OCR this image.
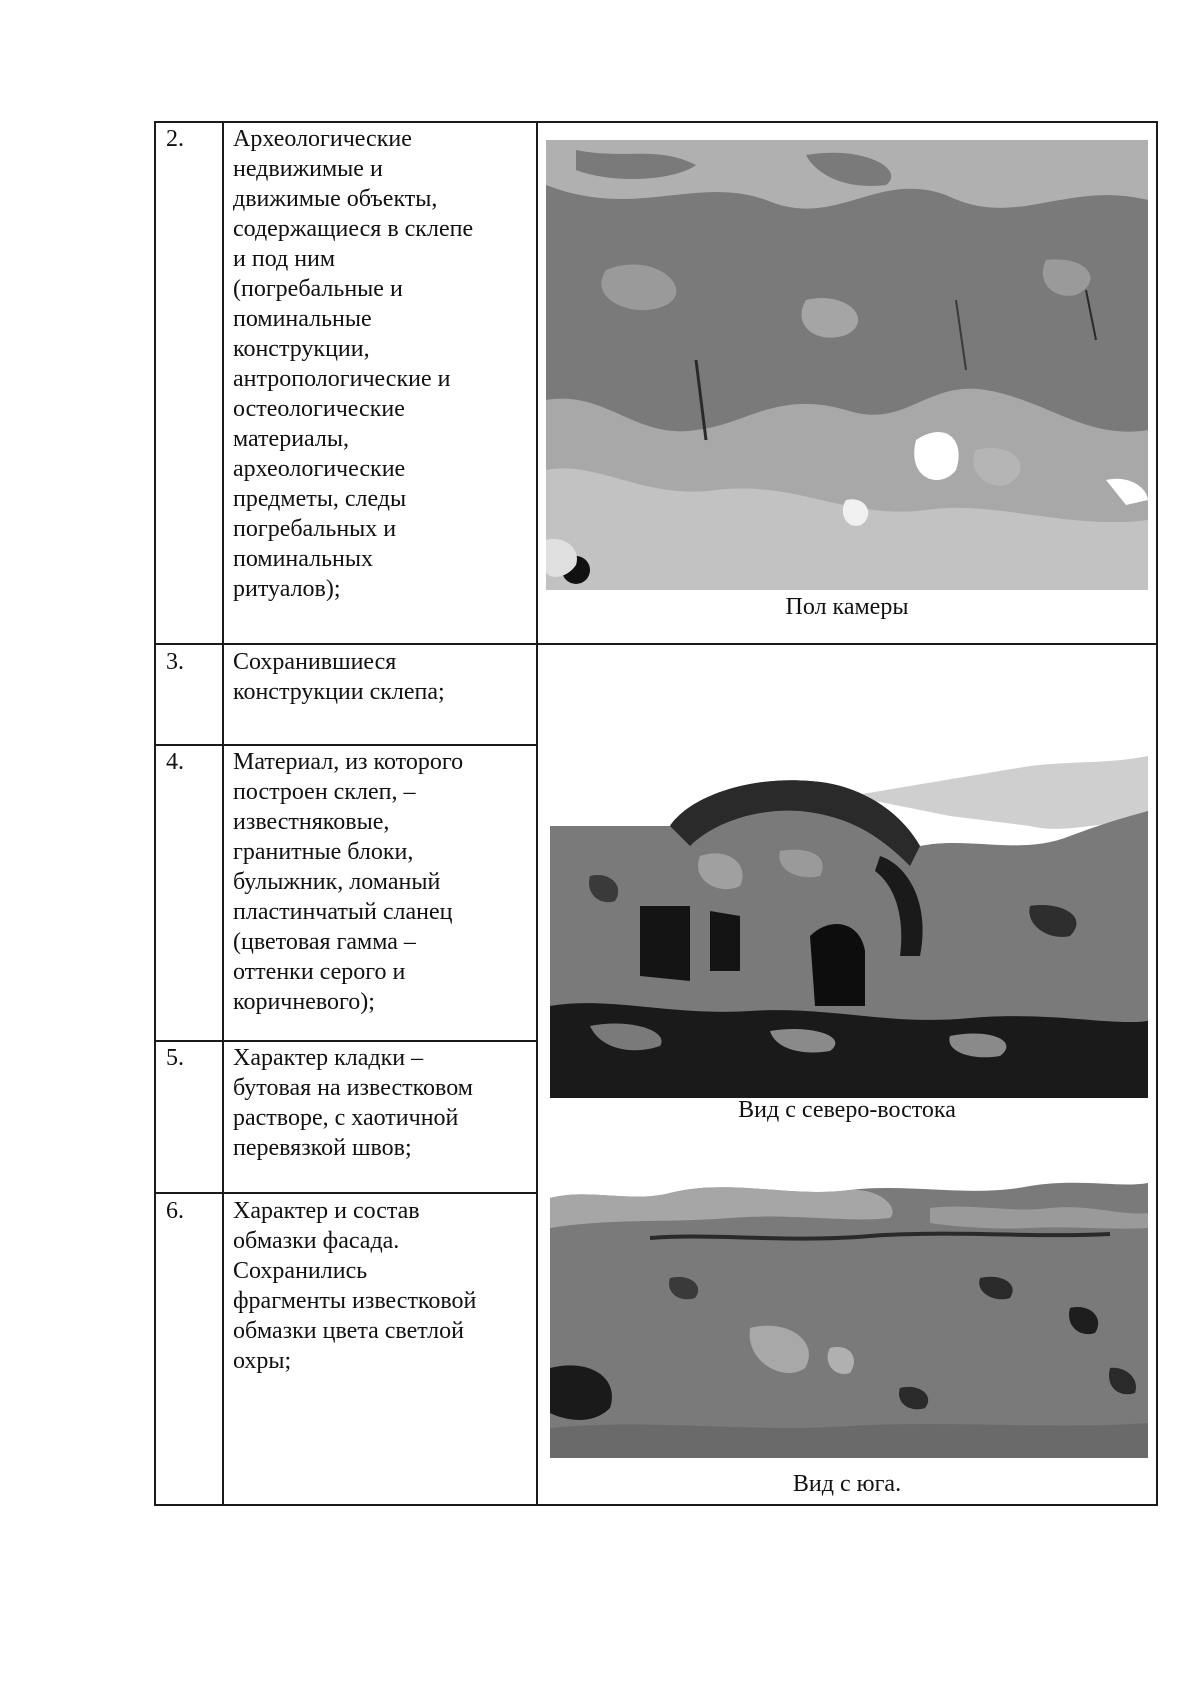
2. Археологические
недвижимые и
движимые объекты,
содержащиеся в склепе
и под ним
(погребальные и
поминальные
конструкции,
антропологические и
остеологические
материалы,
археологические
предметы, следы
погребальных и
поминальных
ритуалов);
3. Сохранившиеся
конструкции склепа;
4. Материал, из которого
построен склеп, –
известняковые,
гранитные блоки,
булыжник, ломаный
пластинчатый сланец
(цветовая гамма –
оттенки серого и
коричневого);
5. Характер кладки –
бутовая на известковом
растворе, с хаотичной
перевязкой швов;
6. Характер и состав
обмазки фасада.
Сохранились
фрагменты известковой
обмазки цвета светлой
охры;
Пол камеры
Вид с северо-востока
Вид с юга.
